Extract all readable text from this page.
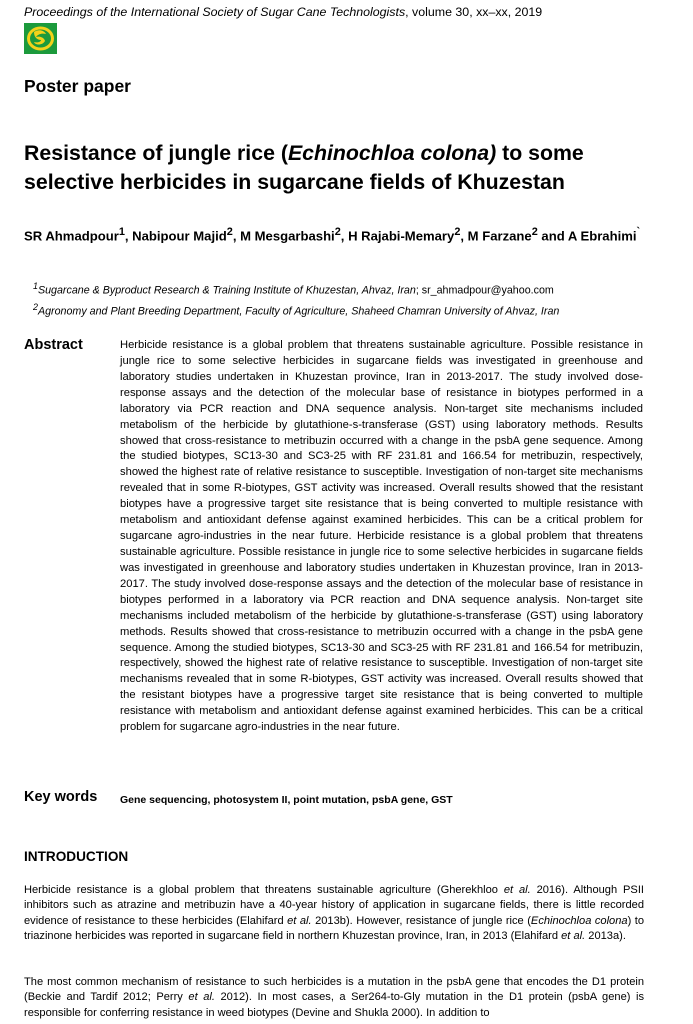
Proceedings of the International Society of Sugar Cane Technologists, volume 30, xx–xx, 2019
Poster paper
Resistance of jungle rice (Echinochloa colona) to some selective herbicides in sugarcane fields of Khuzestan

SR Ahmadpour$^1$, Nabipour Majid$^2$, M Mesgarbashi$^2$, H Rajabi-Memary$^2$, M Farzane$^2$ and A Ebrahimi`

$^1$Sugarcane & Byproduct Research & Training Institute of Khuzestan, Ahvaz, Iran; sr_ahmadpour@yahoo.com
$^2$Agronomy and Plant Breeding Department, Faculty of Agriculture, Shaheed Chamran University of Ahvaz, Iran
Abstract	Herbicide resistance is a global problem that threatens sustainable agriculture. Possible resistance in jungle rice to some selective herbicides in sugarcane fields was investigated in greenhouse and laboratory studies undertaken in Khuzestan province, Iran in 2013-2017. The study involved dose-response assays and the detection of the molecular base of resistance in biotypes performed in a laboratory via PCR reaction and DNA sequence analysis. Non-target site mechanisms included metabolism of the herbicide by glutathione-s-transferase (GST) using laboratory methods. Results showed that cross-resistance to metribuzin occurred with a change in the psbA gene sequence. Among the studied biotypes, SC13-30 and SC3-25 with RF 231.81 and 166.54 for metribuzin, respectively, showed the highest rate of relative resistance to susceptible. Investigation of non-target site mechanisms revealed that in some R-biotypes, GST activity was increased. Overall results showed that the resistant biotypes have a progressive target site resistance that is being converted to multiple resistance with metabolism and antioxidant defense against examined herbicides. This can be a critical problem for sugarcane agro-industries in the near future. Herbicide resistance is a global problem that threatens sustainable agriculture. Possible resistance in jungle rice to some selective herbicides in sugarcane fields was investigated in greenhouse and laboratory studies undertaken in Khuzestan province, Iran in 2013-2017. The study involved dose-response assays and the detection of the molecular base of resistance in biotypes performed in a laboratory via PCR reaction and DNA sequence analysis. Non-target site mechanisms included metabolism of the herbicide by glutathione-s-transferase (GST) using laboratory methods. Results showed that cross-resistance to metribuzin occurred with a change in the psbA gene sequence. Among the studied biotypes, SC13-30 and SC3-25 with RF 231.81 and 166.54 for metribuzin, respectively, showed the highest rate of relative resistance to susceptible. Investigation of non-target site mechanisms revealed that in some R-biotypes, GST activity was increased. Overall results showed that the resistant biotypes have a progressive target site resistance that is being converted to multiple resistance with metabolism and antioxidant defense against examined herbicides. This can be a critical problem for sugarcane agro-industries in the near future.

Key words Gene sequencing, photosystem II, point mutation, psbA gene, GST
INTRODUCTION

Herbicide resistance is a global problem that threatens sustainable agriculture (Gherekhloo et al. 2016). Although PSII inhibitors such as atrazine and metribuzin have a 40-year history of application in sugarcane fields, there is little recorded evidence of resistance to these herbicides (Elahifard et al. 2013b). However, resistance of jungle rice (Echinochloa colona) to triazinone herbicides was reported in sugarcane field in northern Khuzestan province, Iran, in 2013 (Elahifard et al. 2013a).

The most common mechanism of resistance to such herbicides is a mutation in the psbA gene that encodes the D1 protein (Beckie and Tardif 2012; Perry et al. 2012). In most cases, a Ser264-to-Gly mutation in the D1 protein (psbA gene) is responsible for conferring resistance in weed biotypes (Devine and Shukla 2000). In addition to
